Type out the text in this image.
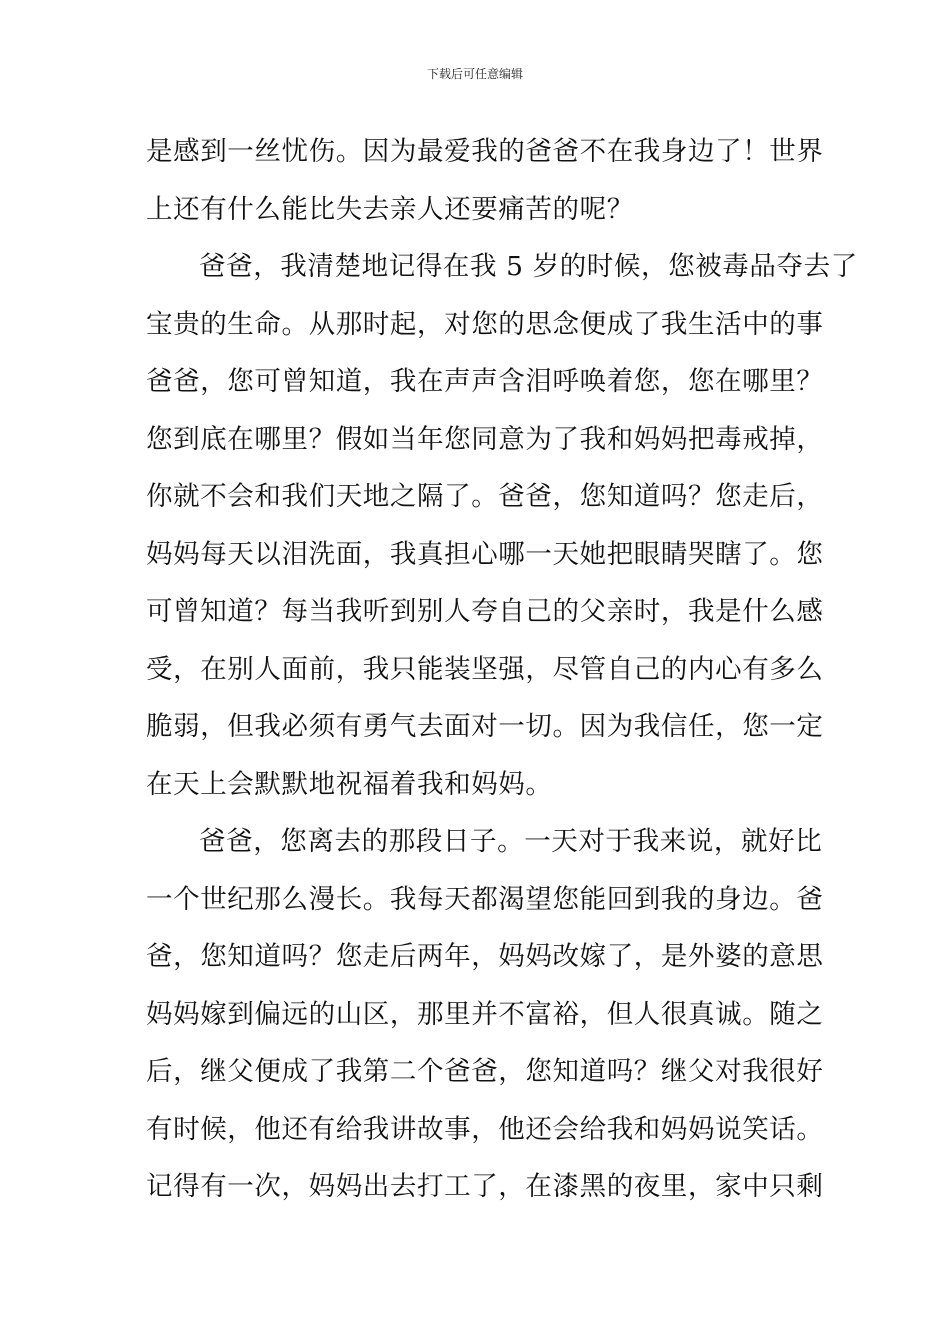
下载后可任意编辑
是感到一丝忧伤。因为最爱我的爸爸不在我身边了！世界
上还有什么能比失去亲人还要痛苦的呢？
爸爸，我清楚地记得在我 5 岁的时候，您被毒品夺去了
宝贵的生命。从那时起，对您的思念便成了我生活中的事
爸爸，您可曾知道，我在声声含泪呼唤着您，您在哪里？
您到底在哪里？假如当年您同意为了我和妈妈把毒戒掉，
你就不会和我们天地之隔了。爸爸，您知道吗？您走后，
妈妈每天以泪洗面，我真担心哪一天她把眼睛哭瞎了。您
可曾知道？每当我听到别人夸自己的父亲时，我是什么感
受，在别人面前，我只能装坚强，尽管自己的内心有多么
脆弱，但我必须有勇气去面对一切。因为我信任，您一定
在天上会默默地祝福着我和妈妈。
爸爸，您离去的那段日子。一天对于我来说，就好比
一个世纪那么漫长。我每天都渴望您能回到我的身边。爸
爸，您知道吗？您走后两年，妈妈改嫁了，是外婆的意思
妈妈嫁到偏远的山区，那里并不富裕，但人很真诚。随之
后，继父便成了我第二个爸爸，您知道吗？继父对我很好
有时候，他还有给我讲故事，他还会给我和妈妈说笑话。
记得有一次，妈妈出去打工了，在漆黑的夜里，家中只剩
